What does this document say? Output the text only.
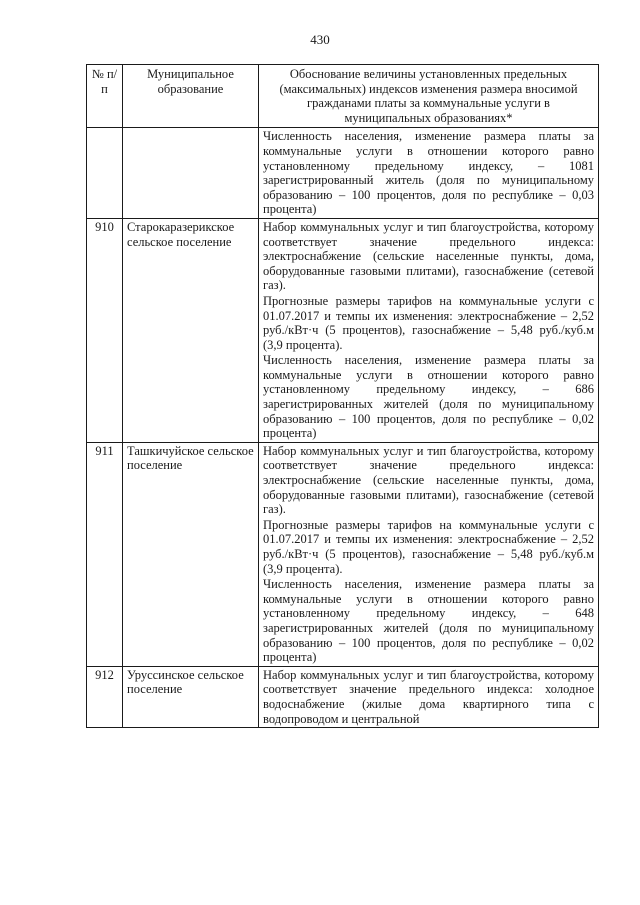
430
№ п/п	Муниципальное образование	Обоснование величины установленных предельных (максимальных) индексов изменения размера вносимой гражданами платы за коммунальные услуги в муниципальных образованиях*

		Численность населения, изменение размера платы за коммунальные услуги в отношении которого равно установленному предельному индексу, – 1081 зарегистрированный житель (доля по муниципальному образованию – 100 процентов, доля по республике – 0,03 процента)

910	Старокаразерикское сельское поселение	Набор коммунальных услуг и тип благоустройства, которому соответствует значение предельного индекса: электроснабжение (сельские населенные пункты, дома, оборудованные газовыми плитами), газоснабжение (сетевой газ).

Прогнозные размеры тарифов на коммунальные услуги с 01.07.2017 и темпы их изменения: электроснабжение – 2,52 руб./кВт·ч (5 процентов), газоснабжение – 5,48 руб./куб.м (3,9 процента).

Численность населения, изменение размера платы за коммунальные услуги в отношении которого равно установленному предельному индексу, – 686 зарегистрированных жителей (доля по муниципальному образованию – 100 процентов, доля по республике – 0,02 процента)

911	Ташкичуйское сельское поселение	Набор коммунальных услуг и тип благоустройства, которому соответствует значение предельного индекса: электроснабжение (сельские населенные пункты, дома, оборудованные газовыми плитами), газоснабжение (сетевой газ).

Прогнозные размеры тарифов на коммунальные услуги с 01.07.2017 и темпы их изменения: электроснабжение – 2,52 руб./кВт·ч (5 процентов), газоснабжение – 5,48 руб./куб.м (3,9 процента).

Численность населения, изменение размера платы за коммунальные услуги в отношении которого равно установленному предельному индексу, – 648 зарегистрированных жителей (доля по муниципальному образованию – 100 процентов, доля по республике – 0,02 процента)

912	Уруссинское сельское поселение	Набор коммунальных услуг и тип благоустройства, которому соответствует значение предельного индекса: холодное водоснабжение (жилые дома квартирного типа с водопроводом и центральной
